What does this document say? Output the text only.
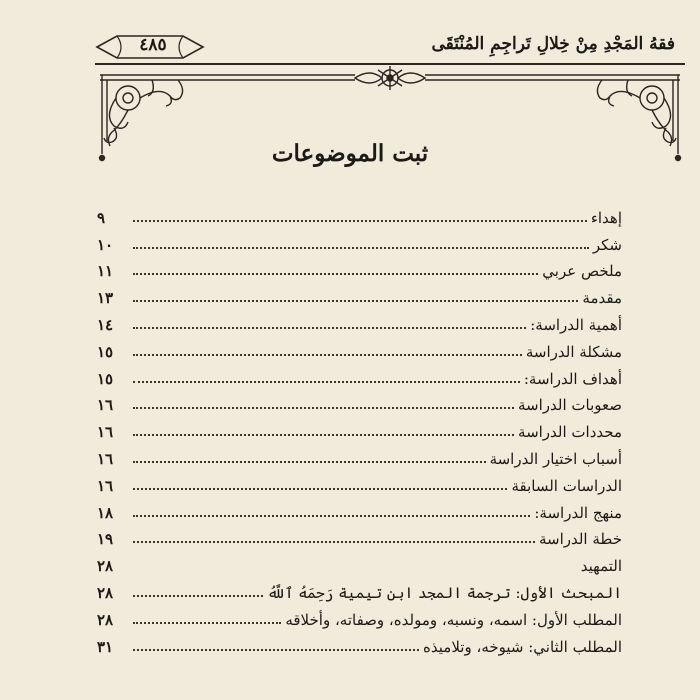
فقهُ المَجْدِ مِنْ خِلالِ تَراجِمِ المُنْتَقَى
٤٨٥
ثبت الموضوعات
إهداء
٩
شكر
١٠
ملخص عربي
١١
مقدمة
١٣
أهمية الدراسة:
١٤
مشكلة الدراسة
١٥
أهداف الدراسة:
١٥
صعوبات الدراسة
١٦
محددات الدراسة
١٦
أسباب اختيار الدراسة
١٦
الدراسات السابقة
١٦
منهج الدراسة:
١٨
خطة الدراسة
١٩
التمهيد
٢٨
المبحث الأول: ترجمة المجد ابن تيمية رَحِمَهُ ٱللَّهُ
٢٨
المطلب الأول: اسمه، ونسبه، ومولده، وصفاته، وأخلاقه
٢٨
المطلب الثاني: شيوخه، وتلاميذه
٣١
